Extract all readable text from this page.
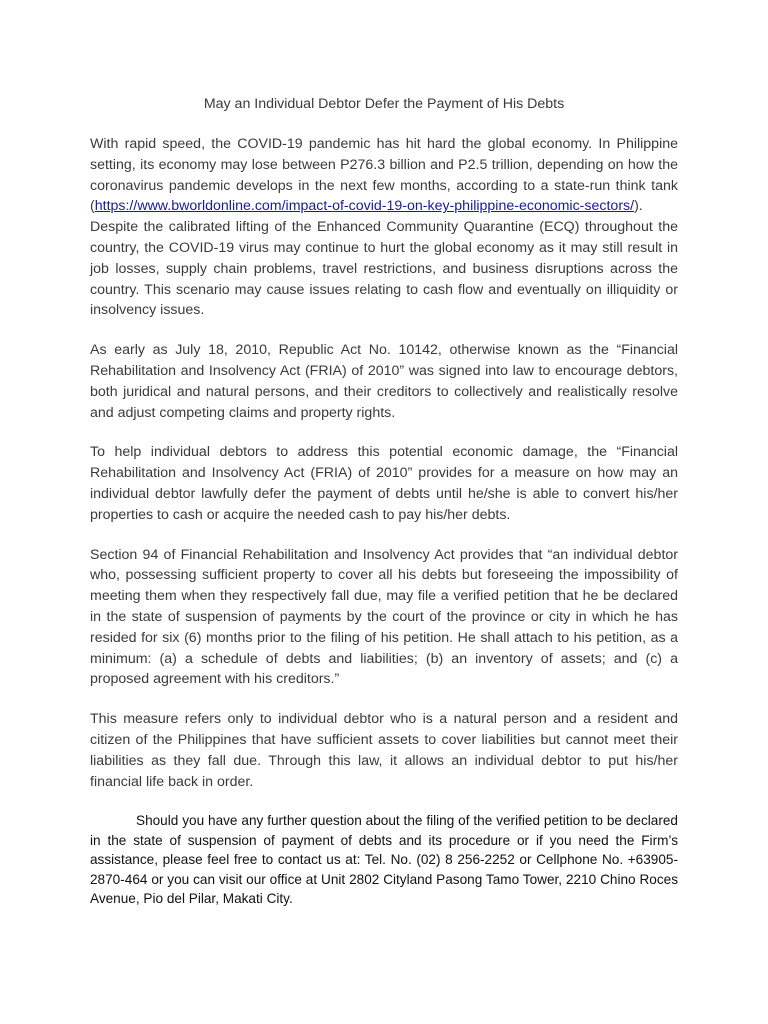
May an Individual Debtor Defer the Payment of His Debts

With rapid speed, the COVID-19 pandemic has hit hard the global economy. In Philippine setting, its economy may lose between P276.3 billion and P2.5 trillion, depending on how the coronavirus pandemic develops in the next few months, according to a state-run think tank (https://www.bworldonline.com/impact-of-covid-19-on-key-philippine-economic-sectors/). Despite the calibrated lifting of the Enhanced Community Quarantine (ECQ) throughout the country, the COVID-19 virus may continue to hurt the global economy as it may still result in job losses, supply chain problems, travel restrictions, and business disruptions across the country. This scenario may cause issues relating to cash flow and eventually on illiquidity or insolvency issues.

As early as July 18, 2010, Republic Act No. 10142, otherwise known as the “Financial Rehabilitation and Insolvency Act (FRIA) of 2010” was signed into law to encourage debtors, both juridical and natural persons, and their creditors to collectively and realistically resolve and adjust competing claims and property rights.

To help individual debtors to address this potential economic damage, the “Financial Rehabilitation and Insolvency Act (FRIA) of 2010” provides for a measure on how may an individual debtor lawfully defer the payment of debts until he/she is able to convert his/her properties to cash or acquire the needed cash to pay his/her debts.

Section 94 of Financial Rehabilitation and Insolvency Act provides that “an individual debtor who, possessing sufficient property to cover all his debts but foreseeing the impossibility of meeting them when they respectively fall due, may file a verified petition that he be declared in the state of suspension of payments by the court of the province or city in which he has resided for six (6) months prior to the filing of his petition. He shall attach to his petition, as a minimum: (a) a schedule of debts and liabilities; (b) an inventory of assets; and (c) a proposed agreement with his creditors.”

This measure refers only to individual debtor who is a natural person and a resident and citizen of the Philippines that have sufficient assets to cover liabilities but cannot meet their liabilities as they fall due. Through this law, it allows an individual debtor to put his/her financial life back in order.

Should you have any further question about the filing of the verified petition to be declared in the state of suspension of payment of debts and its procedure or if you need the Firm’s assistance, please feel free to contact us at: Tel. No. (02) 8 256-2252 or Cellphone No. +63905-2870-464 or you can visit our office at Unit 2802 Cityland Pasong Tamo Tower, 2210 Chino Roces Avenue, Pio del Pilar, Makati City.
